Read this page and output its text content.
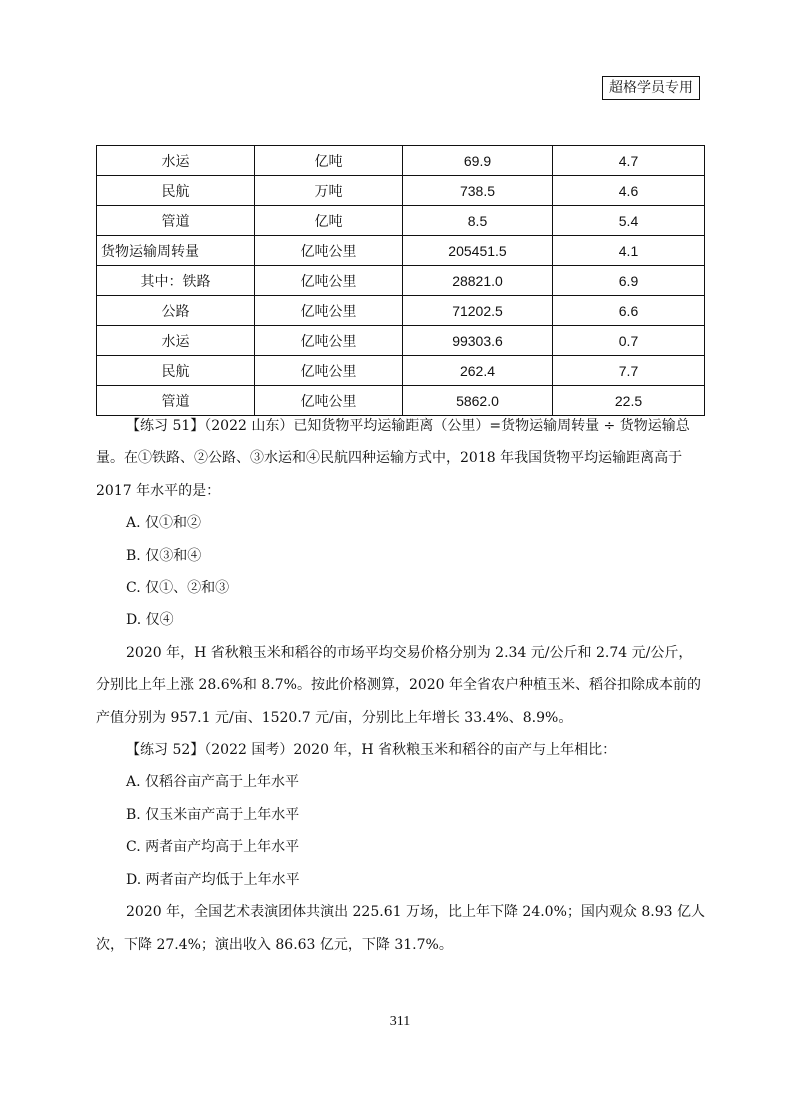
超格学员专用
水运	亿吨	69.9	4.7
民航	万吨	738.5	4.6
管道	亿吨	8.5	5.4
货物运输周转量	亿吨公里	205451.5	4.1
其中：铁路	亿吨公里	28821.0	6.9
公路	亿吨公里	71202.5	6.6
水运	亿吨公里	99303.6	0.7
民航	亿吨公里	262.4	7.7
管道	亿吨公里	5862.0	22.5

【练习 51】（2022 山东）已知货物平均运输距离（公里）=货物运输周转量 ÷ 货物运输总量。在①铁路、②公路、③水运和④民航四种运输方式中，2018 年我国货物平均运输距离高于 2017 年水平的是：

A. 仅①和②

B. 仅③和④

C. 仅①、②和③

D. 仅④

2020 年，H 省秋粮玉米和稻谷的市场平均交易价格分别为 2.34 元/公斤和 2.74 元/公斤，分别比上年上涨 28.6%和 8.7%。按此价格测算，2020 年全省农户种植玉米、稻谷扣除成本前的产值分别为 957.1 元/亩、1520.7 元/亩，分别比上年增长 33.4%、8.9%。

【练习 52】（2022 国考）2020 年，H 省秋粮玉米和稻谷的亩产与上年相比：

A. 仅稻谷亩产高于上年水平

B. 仅玉米亩产高于上年水平

C. 两者亩产均高于上年水平

D. 两者亩产均低于上年水平

2020 年，全国艺术表演团体共演出 225.61 万场，比上年下降 24.0%；国内观众 8.93 亿人次，下降 27.4%；演出收入 86.63 亿元，下降 31.7%。

311
